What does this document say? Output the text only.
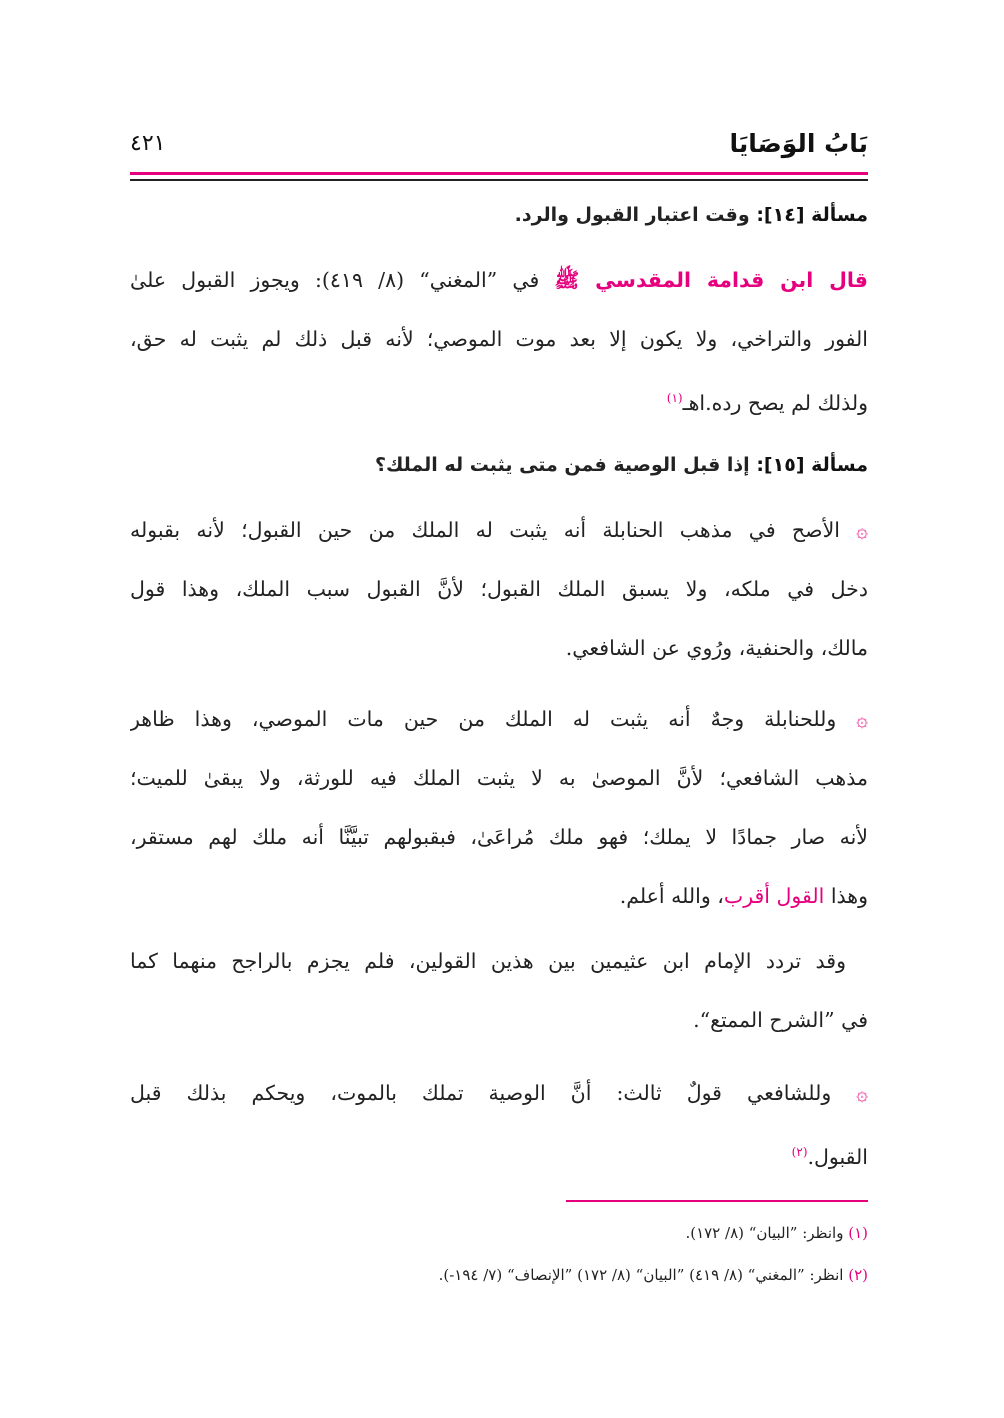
بَابُ الوَصَايَا
٤٢١
مسألة [١٤]: وقت اعتبار القبول والرد.
قال ابن قدامة المقدسي ﷺ في ”المغني“ (٨/ ٤١٩): ويجوز القبول علىٰ
الفور والتراخي، ولا يكون إلا بعد موت الموصي؛ لأنه قبل ذلك لم يثبت له حق،
ولذلك لم يصح رده.اهـ$^{(١)}$
مسألة [١٥]: إذا قبل الوصية فمن متى يثبت له الملك؟
۞ الأصح في مذهب الحنابلة أنه يثبت له الملك من حين القبول؛ لأنه بقبوله
دخل في ملكه، ولا يسبق الملك القبول؛ لأنَّ القبول سبب الملك، وهذا قول
مالك، والحنفية، ورُوي عن الشافعي.
۞ وللحنابلة وجهٌ أنه يثبت له الملك من حين مات الموصي، وهذا ظاهر
مذهب الشافعي؛ لأنَّ الموصىٰ به لا يثبت الملك فيه للورثة، ولا يبقىٰ للميت؛
لأنه صار جمادًا لا يملك؛ فهو ملك مُراعَىٰ، فبقبولهم تبيَّنَّا أنه ملك لهم مستقر،
وهذا القول أقرب، والله أعلم.
وقد تردد الإمام ابن عثيمين بين هذين القولين، فلم يجزم بالراجح منهما كما
في ”الشرح الممتع“.
۞ وللشافعي قولٌ ثالث: أنَّ الوصية تملك بالموت، ويحكم بذلك قبل
القبول.$^{(٢)}$
(١) وانظر: ”البيان“ (٨/ ١٧٢).
(٢) انظر: ”المغني“ (٨/ ٤١٩) ”البيان“ (٨/ ١٧٢) ”الإنصاف“ (٧/ ١٩٤-).
